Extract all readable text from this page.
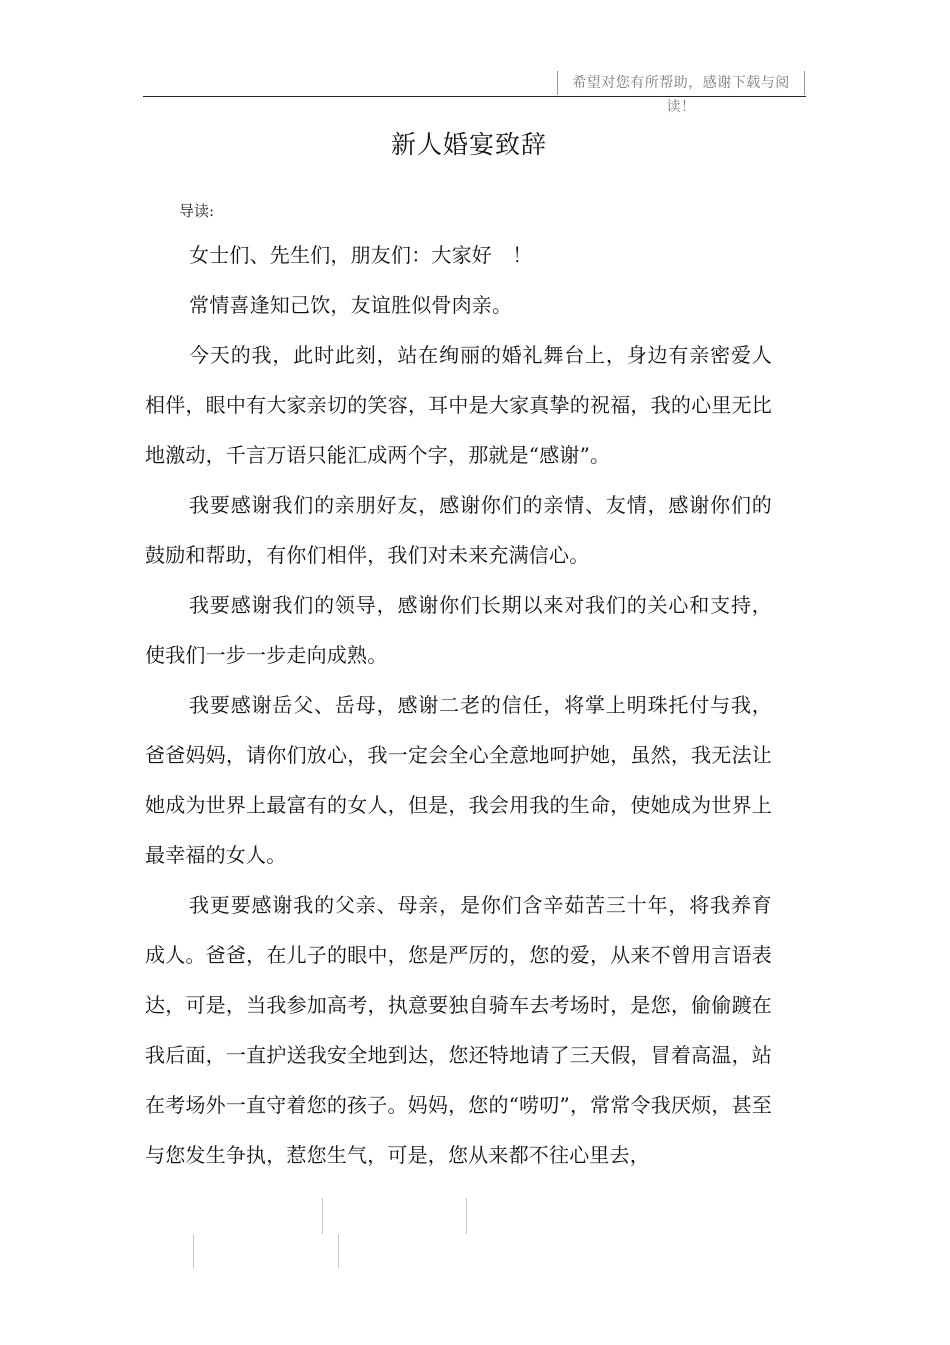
希望对您有所帮助，感谢下载与阅读！
新人婚宴致辞
导读:

女士们、先生们，朋友们：大家好　！

常情喜逢知己饮，友谊胜似骨肉亲。

今天的我，此时此刻，站在绚丽的婚礼舞台上，身边有亲密爱人相伴，眼中有大家亲切的笑容，耳中是大家真挚的祝福，我的心里无比地激动，千言万语只能汇成两个字，那就是“感谢”。

我要感谢我们的亲朋好友，感谢你们的亲情、友情，感谢你们的鼓励和帮助，有你们相伴，我们对未来充满信心。

我要感谢我们的领导，感谢你们长期以来对我们的关心和支持，使我们一步一步走向成熟。

我要感谢岳父、岳母，感谢二老的信任，将掌上明珠托付与我，爸爸妈妈，请你们放心，我一定会全心全意地呵护她，虽然，我无法让她成为世界上最富有的女人，但是，我会用我的生命，使她成为世界上最幸福的女人。

我更要感谢我的父亲、母亲，是你们含辛茹苦三十年，将我养育成人。爸爸，在儿子的眼中，您是严厉的，您的爱，从来不曾用言语表达，可是，当我参加高考，执意要独自骑车去考场时，是您，偷偷踱在我后面，一直护送我安全地到达，您还特地请了三天假，冒着高温，站在考场外一直守着您的孩子。妈妈，您的“唠叨”，常常令我厌烦，甚至与您发生争执，惹您生气，可是，您从来都不往心里去，
